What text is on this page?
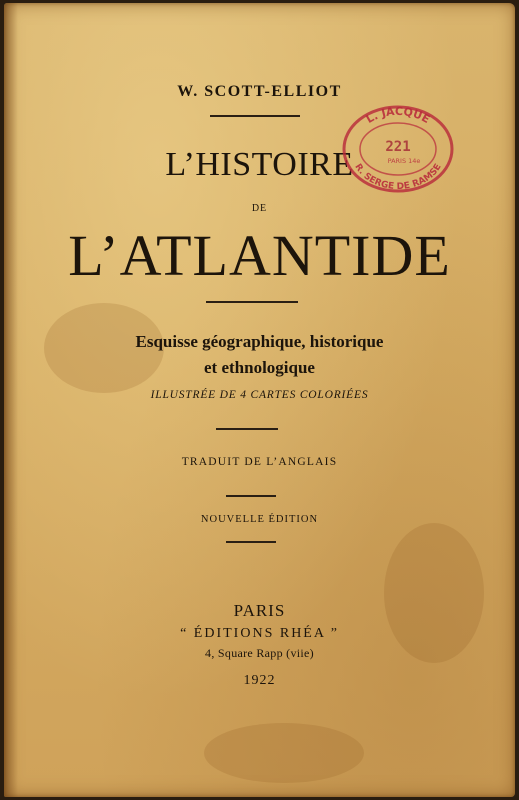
W. SCOTT-ELLIOT
L’HISTOIRE
DE
L’ATLANTIDE
Esquisse géographique, historique
et ethnologique
ILLUSTRÉE DE 4 CARTES COLORIÉES
TRADUIT DE L’ANGLAIS
NOUVELLE ÉDITION
PARIS
“ ÉDITIONS RHÉA ”
4, Square Rapp (viie)
1922
L. JACQUE
R. SERGE DE RAMSE
221
PARIS 14e
